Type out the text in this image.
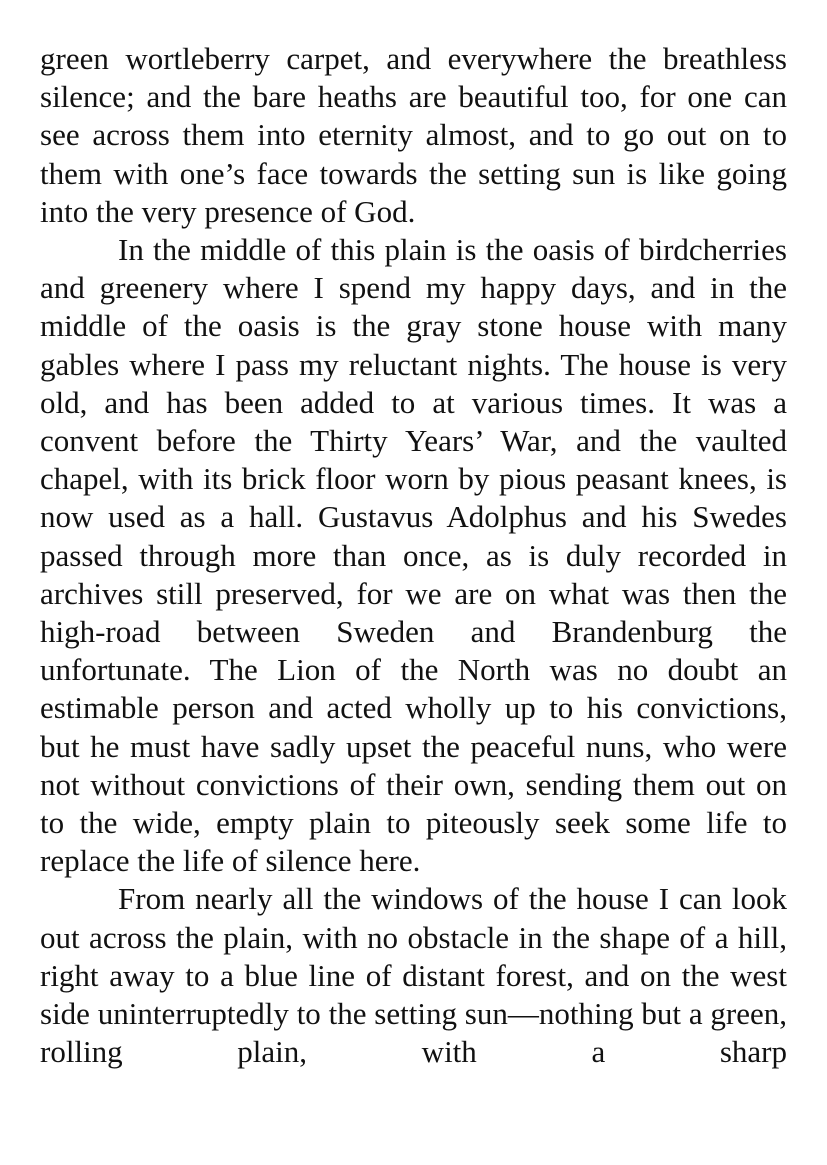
green wortleberry carpet, and everywhere the breathless silence; and the bare heaths are beautiful too, for one can see across them into eternity almost, and to go out on to them with one’s face towards the setting sun is like going into the very presence of God.

In the middle of this plain is the oasis of birdcherries and greenery where I spend my happy days, and in the middle of the oasis is the gray stone house with many gables where I pass my reluctant nights. The house is very old, and has been added to at various times. It was a convent before the Thirty Years’ War, and the vaulted chapel, with its brick floor worn by pious peasant knees, is now used as a hall. Gustavus Adolphus and his Swedes passed through more than once, as is duly recorded in archives still preserved, for we are on what was then the high-road between Sweden and Brandenburg the unfortunate. The Lion of the North was no doubt an estimable person and acted wholly up to his convictions, but he must have sadly upset the peaceful nuns, who were not without convictions of their own, sending them out on to the wide, empty plain to piteously seek some life to replace the life of silence here.

From nearly all the windows of the house I can look out across the plain, with no obstacle in the shape of a hill, right away to a blue line of distant forest, and on the west side uninterruptedly to the setting sun—nothing but a green, rolling plain, with a sharp
